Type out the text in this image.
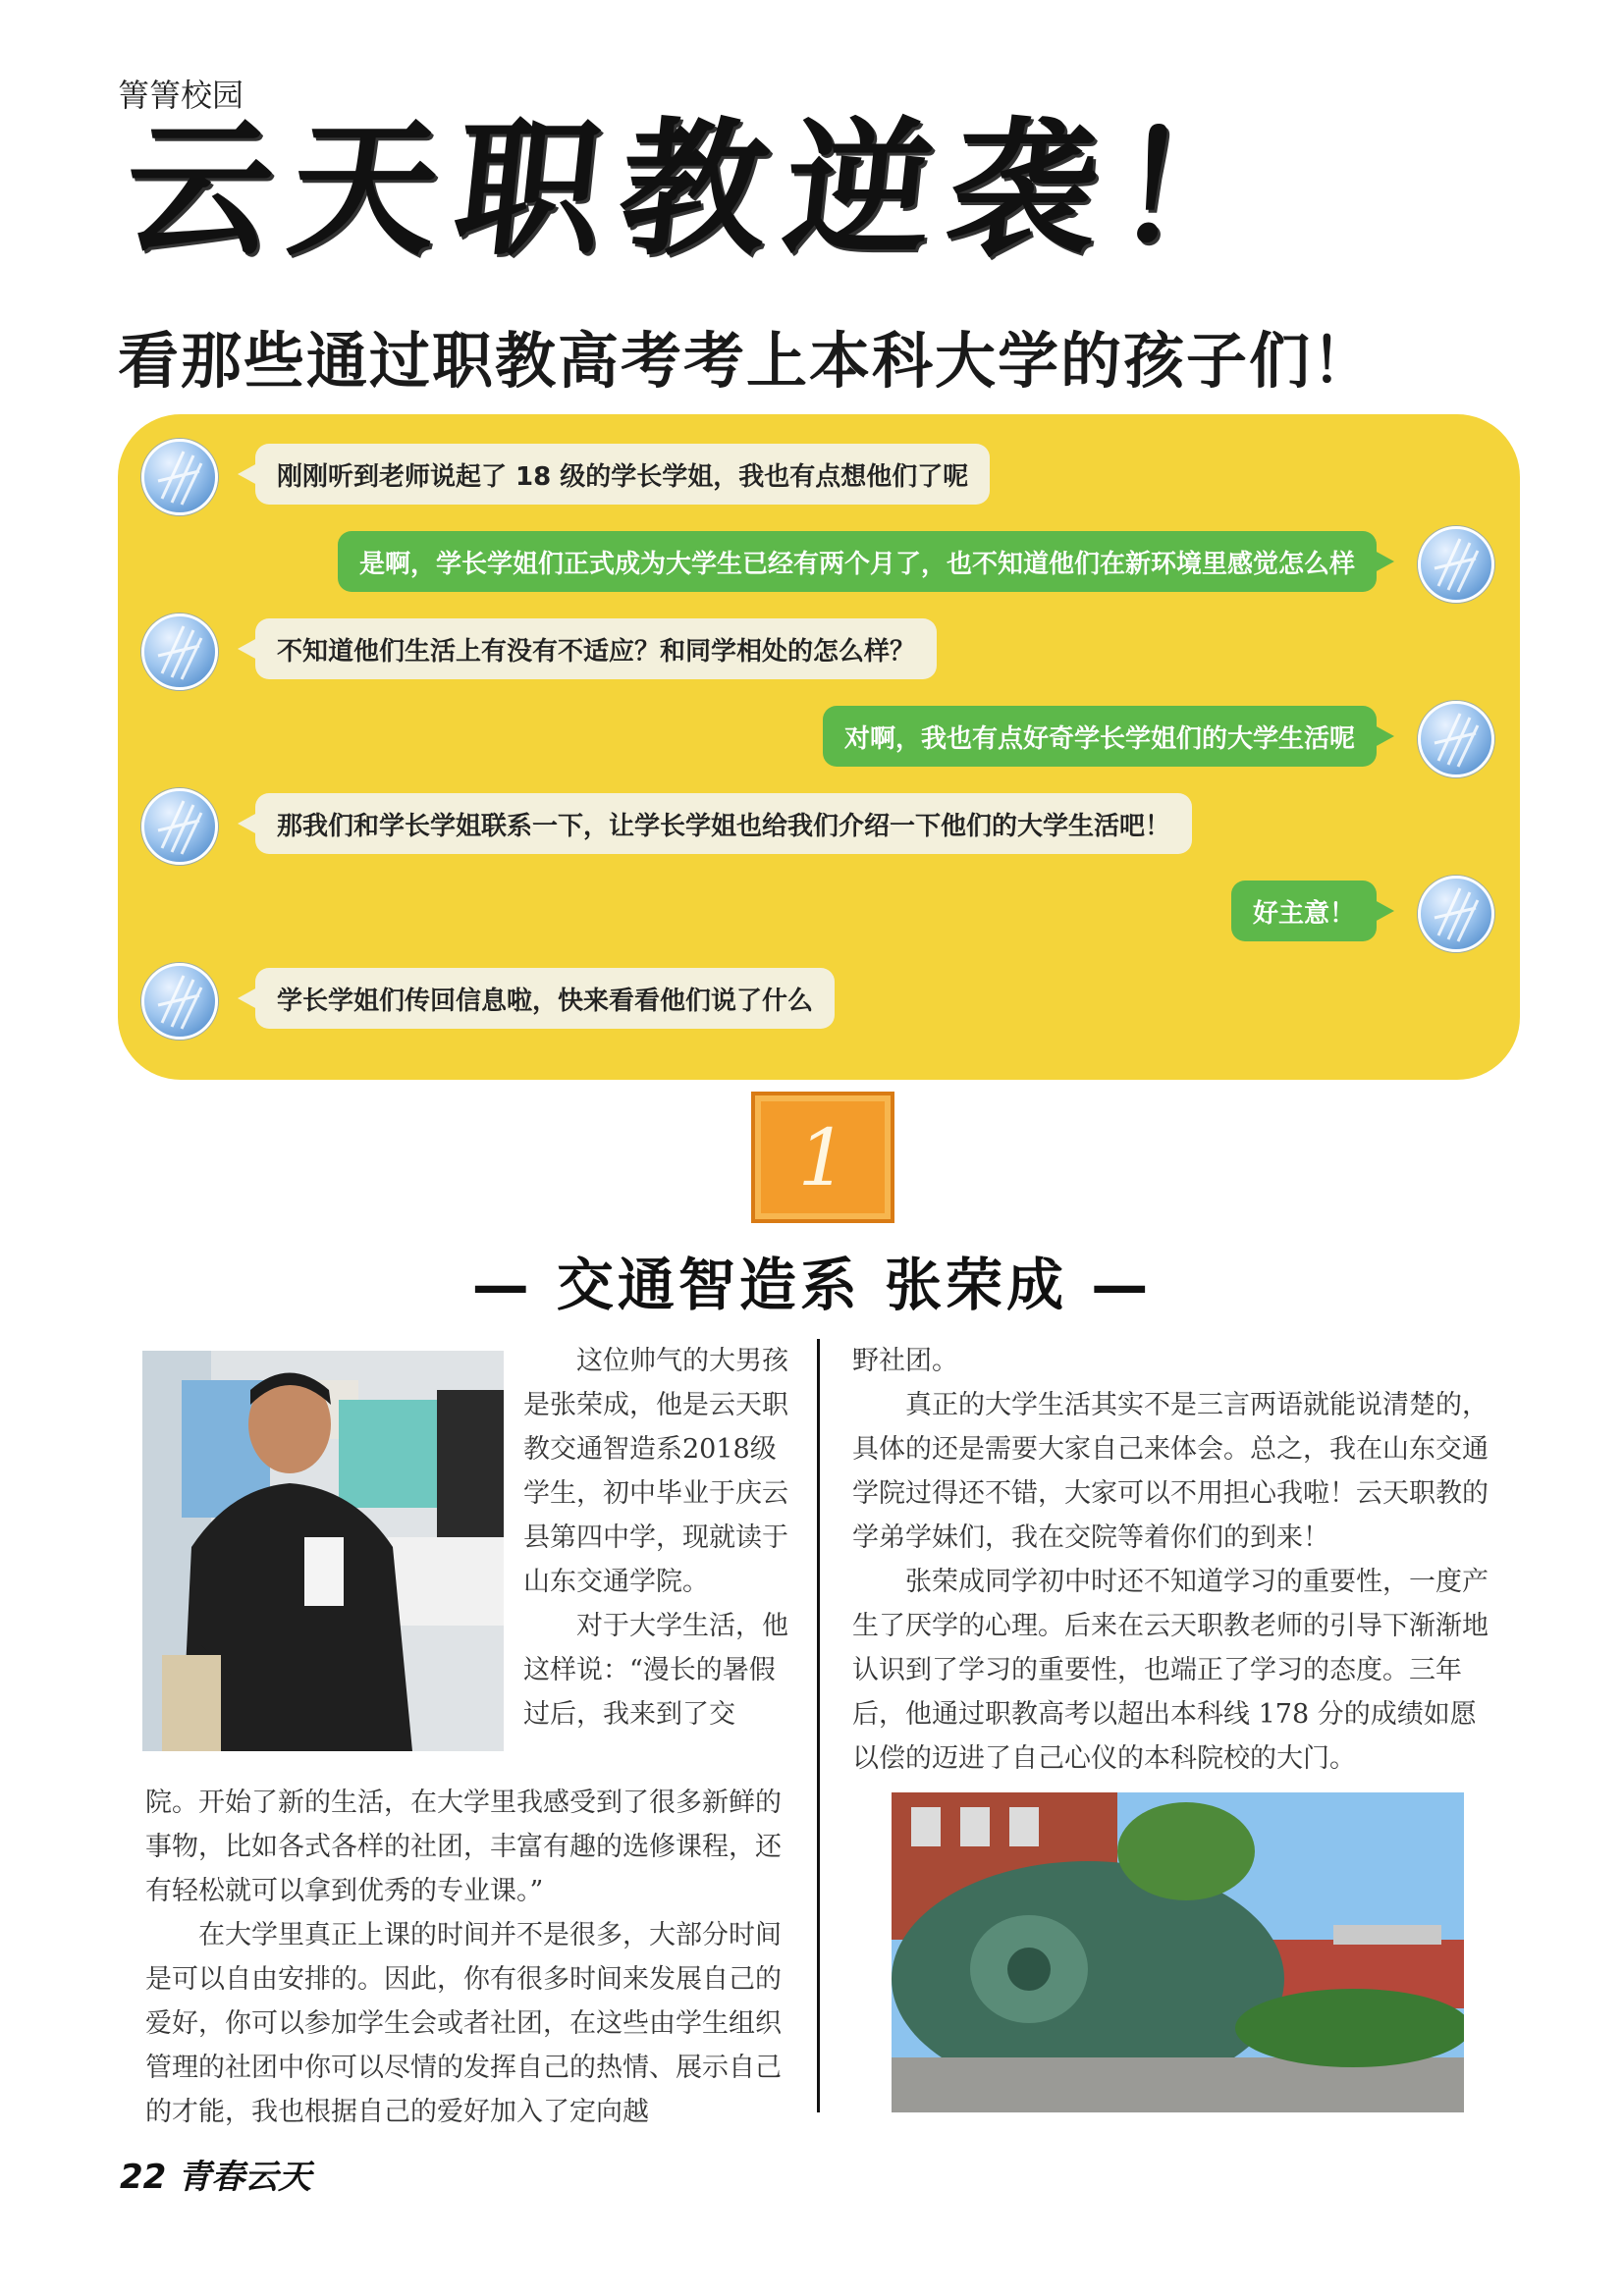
箐箐校园
云天职教逆袭！
看那些通过职教高考考上本科大学的孩子们！
刚刚听到老师说起了 18 级的学长学姐，我也有点想他们了呢
是啊，学长学姐们正式成为大学生已经有两个月了，也不知道他们在新环境里感觉怎么样
不知道他们生活上有没有不适应？和同学相处的怎么样？
对啊，我也有点好奇学长学姐们的大学生活呢
那我们和学长学姐联系一下，让学长学姐也给我们介绍一下他们的大学生活吧！
好主意！
学长学姐们传回信息啦，快来看看他们说了什么
1
— 交通智造系 张荣成 —

这位帅气的大男孩是张荣成，他是云天职教交通智造系2018级学生，初中毕业于庆云县第四中学，现就读于山东交通学院。

对于大学生活，他这样说：“漫长的暑假过后，我来到了交

院。开始了新的生活，在大学里我感受到了很多新鲜的事物，比如各式各样的社团，丰富有趣的选修课程，还有轻松就可以拿到优秀的专业课。”

在大学里真正上课的时间并不是很多，大部分时间是可以自由安排的。因此，你有很多时间来发展自己的爱好，你可以参加学生会或者社团，在这些由学生组织管理的社团中你可以尽情的发挥自己的热情、展示自己的才能，我也根据自己的爱好加入了定向越

野社团。

真正的大学生活其实不是三言两语就能说清楚的，具体的还是需要大家自己来体会。总之，我在山东交通学院过得还不错，大家可以不用担心我啦！云天职教的学弟学妹们，我在交院等着你们的到来！

张荣成同学初中时还不知道学习的重要性，一度产生了厌学的心理。后来在云天职教老师的引导下渐渐地认识到了学习的重要性，也端正了学习的态度。三年后，他通过职教高考以超出本科线 178 分的成绩如愿以偿的迈进了自己心仪的本科院校的大门。

22 青春云天
